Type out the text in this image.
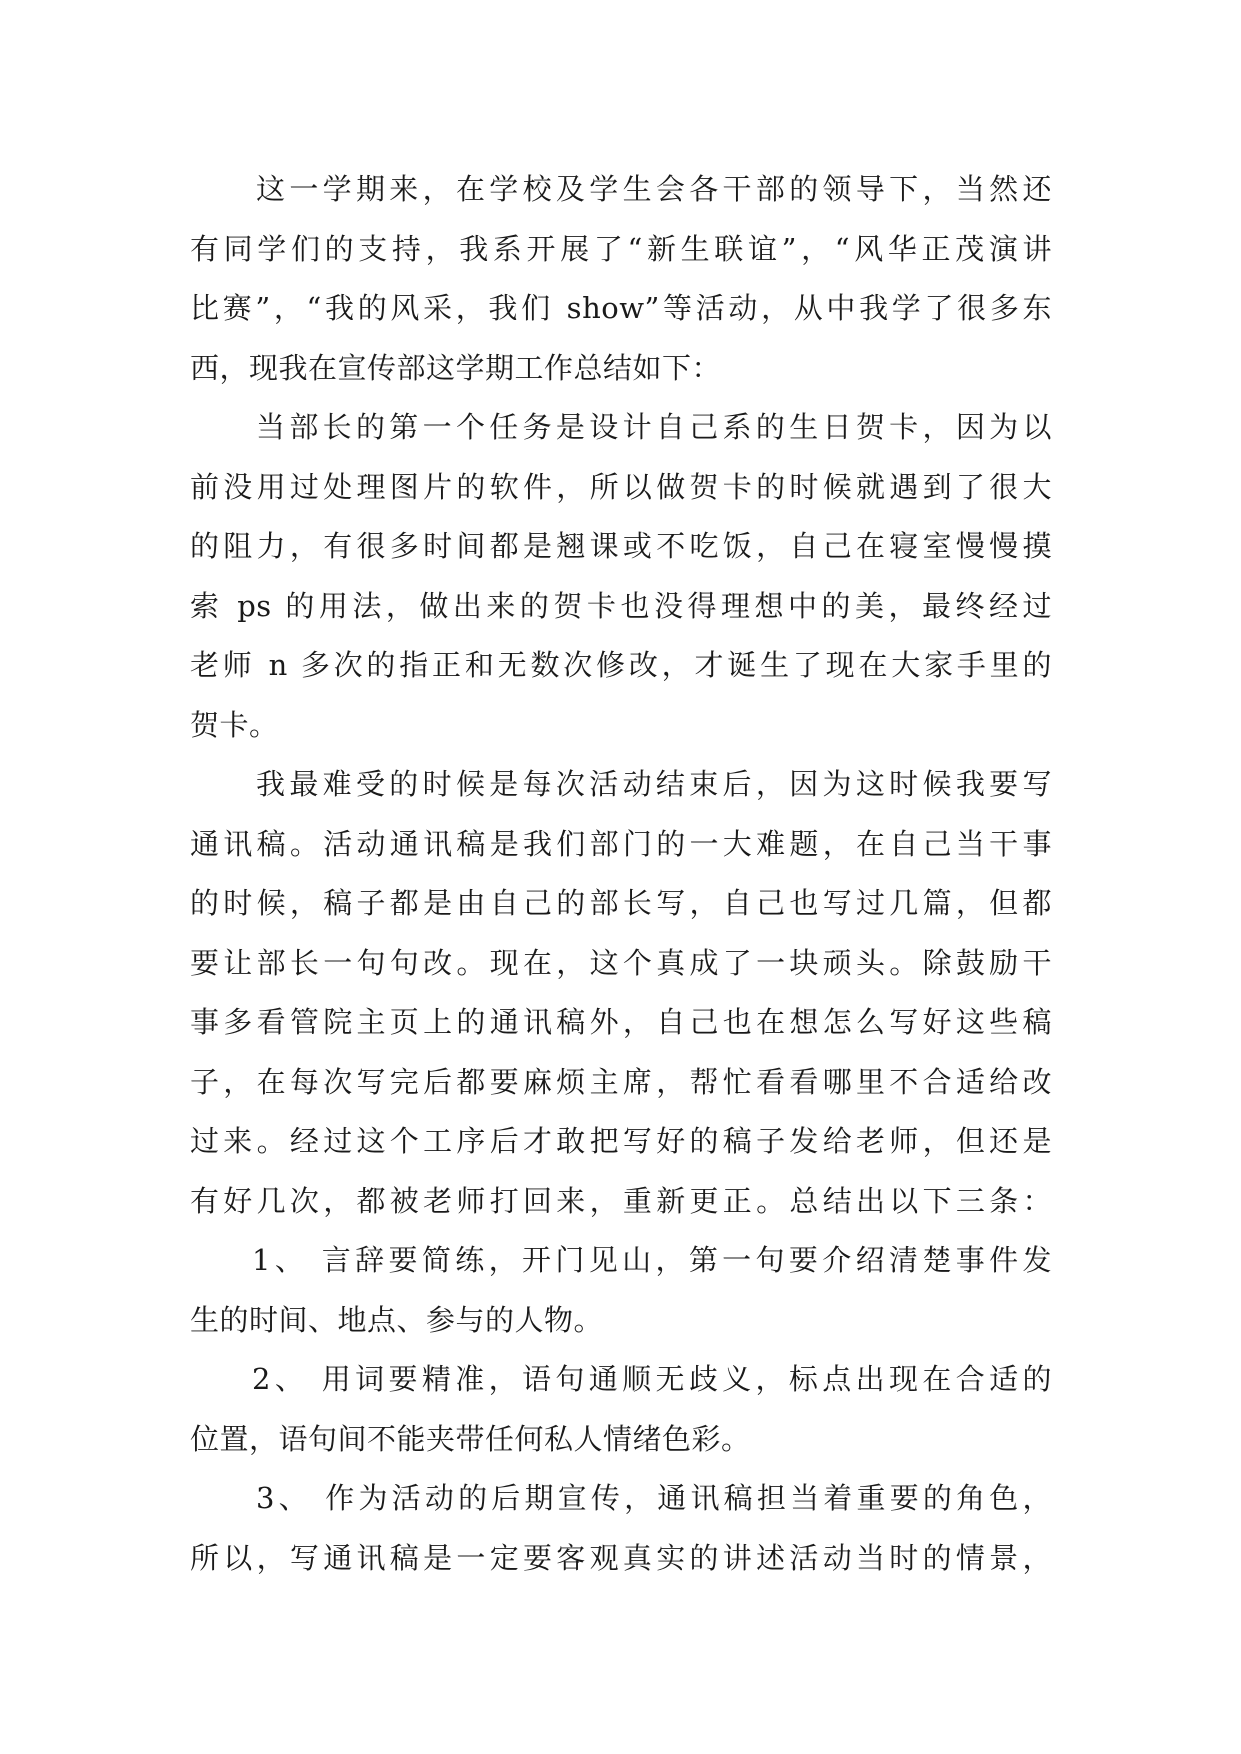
这一学期来，在学校及学生会各干部的领导下，当然还
有同学们的支持，我系开展了“新生联谊”，“风华正茂演讲
比赛”，“我的风采，我们 show”等活动，从中我学了很多东
西，现我在宣传部这学期工作总结如下：
当部长的第一个任务是设计自己系的生日贺卡，因为以
前没用过处理图片的软件，所以做贺卡的时候就遇到了很大
的阻力，有很多时间都是翘课或不吃饭，自己在寝室慢慢摸
索 ps 的用法，做出来的贺卡也没得理想中的美，最终经过
老师 n 多次的指正和无数次修改，才诞生了现在大家手里的
贺卡。
我最难受的时候是每次活动结束后，因为这时候我要写
通讯稿。活动通讯稿是我们部门的一大难题，在自己当干事
的时候，稿子都是由自己的部长写，自己也写过几篇，但都
要让部长一句句改。现在，这个真成了一块顽头。除鼓励干
事多看管院主页上的通讯稿外，自己也在想怎么写好这些稿
子，在每次写完后都要麻烦主席，帮忙看看哪里不合适给改
过来。经过这个工序后才敢把写好的稿子发给老师，但还是
有好几次，都被老师打回来，重新更正。总结出以下三条：
1、 言辞要简练，开门见山，第一句要介绍清楚事件发
生的时间、地点、参与的人物。
2、 用词要精准，语句通顺无歧义，标点出现在合适的
位置，语句间不能夹带任何私人情绪色彩。
3、 作为活动的后期宣传，通讯稿担当着重要的角色，
所以，写通讯稿是一定要客观真实的讲述活动当时的情景，
